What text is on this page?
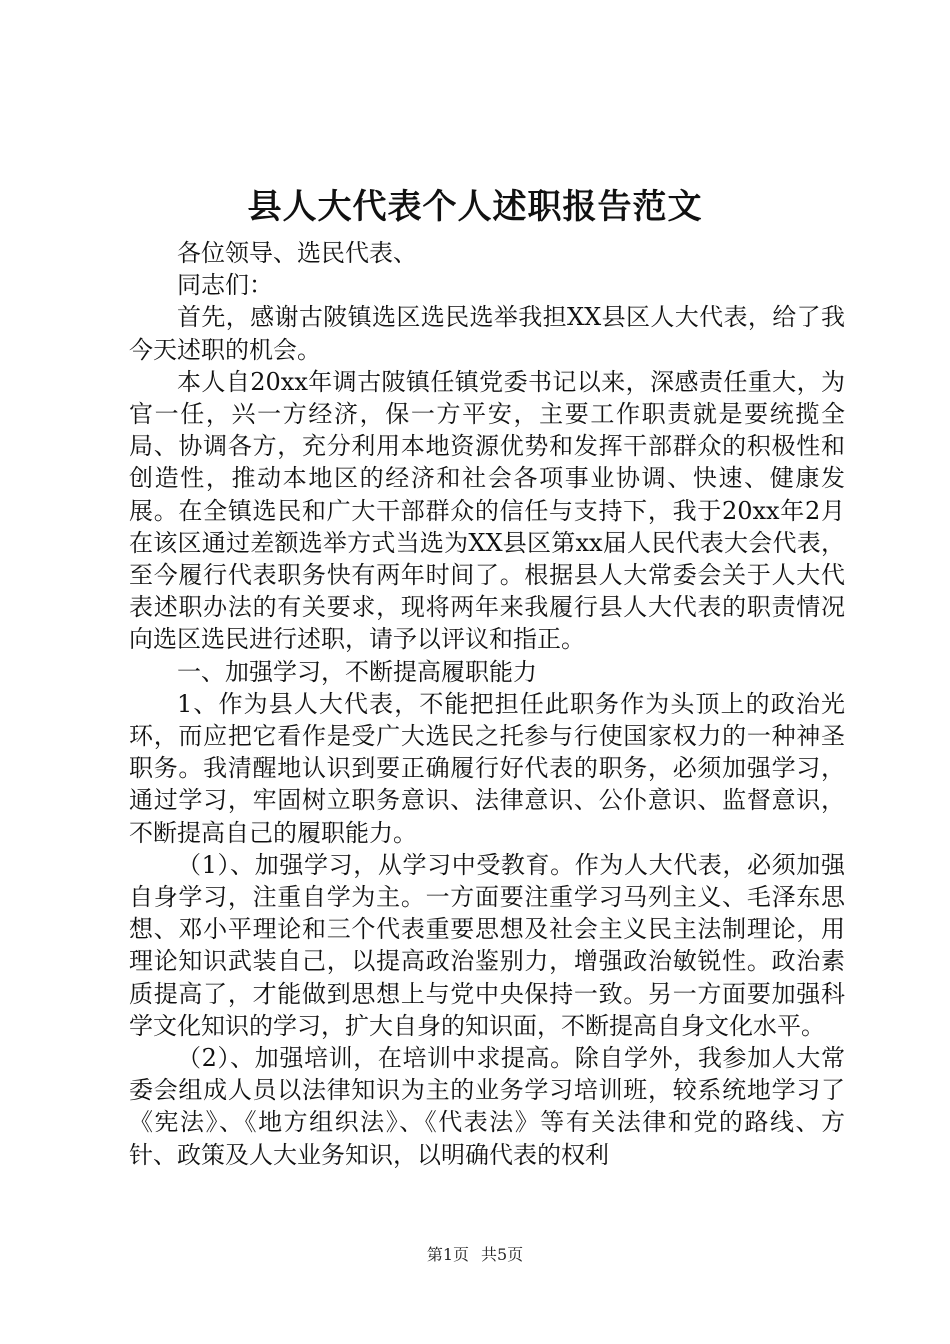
县人大代表个人述职报告范文

各位领导、选民代表、

同志们：

首先，感谢古陂镇选区选民选举我担XX县区人大代表，给了我今天述职的机会。

本人自20xx年调古陂镇任镇党委书记以来，深感责任重大，为官一任，兴一方经济，保一方平安，主要工作职责就是要统揽全局、协调各方，充分利用本地资源优势和发挥干部群众的积极性和创造性，推动本地区的经济和社会各项事业协调、快速、健康发展。在全镇选民和广大干部群众的信任与支持下，我于20xx年2月在该区通过差额选举方式当选为XX县区第xx届人民代表大会代表，至今履行代表职务快有两年时间了。根据县人大常委会关于人大代表述职办法的有关要求，现将两年来我履行县人大代表的职责情况向选区选民进行述职，请予以评议和指正。

一、加强学习，不断提高履职能力

1、作为县人大代表，不能把担任此职务作为头顶上的政治光环，而应把它看作是受广大选民之托参与行使国家权力的一种神圣职务。我清醒地认识到要正确履行好代表的职务，必须加强学习，通过学习，牢固树立职务意识、法律意识、公仆意识、监督意识，不断提高自己的履职能力。

（1）、加强学习，从学习中受教育。作为人大代表，必须加强自身学习，注重自学为主。一方面要注重学习马列主义、毛泽东思想、邓小平理论和三个代表重要思想及社会主义民主法制理论，用理论知识武装自己，以提高政治鉴别力，增强政治敏锐性。政治素质提高了，才能做到思想上与党中央保持一致。另一方面要加强科学文化知识的学习，扩大自身的知识面，不断提高自身文化水平。

（2）、加强培训，在培训中求提高。除自学外，我参加人大常委会组成人员以法律知识为主的业务学习培训班，较系统地学习了《宪法》、《地方组织法》、《代表法》等有关法律和党的路线、方针、政策及人大业务知识，以明确代表的权利

第1页 共5页
